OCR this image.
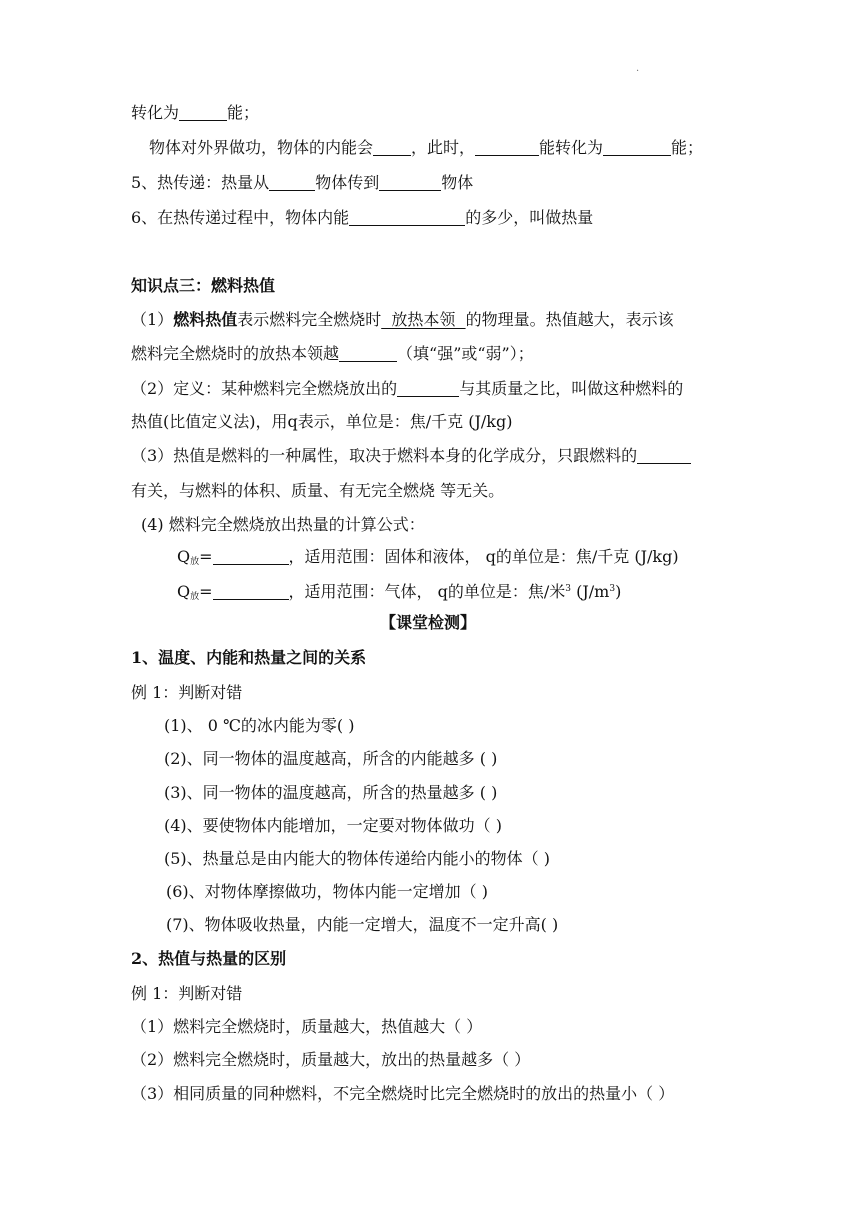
·
转化为	能；
物体对外界做功，物体的内能会 ，此时，	能转化为	能；
5、热传递：热量从	物体传到	物体
6、在热传递过程中，物体内能	的多少，叫做热量
知识点三：燃料热值
（1）燃料热值表示燃料完全燃烧时  放热本领  的物理量。热值越大，表示该
燃料完全燃烧时的放热本领越	（填“强”或“弱”）；
（2）定义：某种燃料完全燃烧放出的	与其质量之比，叫做这种燃料的
热值(比值定义法)，用q表示，单位是：焦/千克 (J/kg)
（3）热值是燃料的一种属性，取决于燃料本身的化学成分，只跟燃料的
有关，与燃料的体积、质量、有无完全燃烧 等无关。
(4) 燃料完全燃烧放出热量的计算公式：
$Q_放=$	，适用范围：固体和液体， q的单位是：焦/千克 (J/kg)
$Q_放=$	，适用范围：气体， q的单位是：焦/米$^3$ $(J/m^3)$
【课堂检测】
1、温度、内能和热量之间的关系
例 1：判断对错
(1)、 0 ℃的冰内能为零( )
(2)、同一物体的温度越高，所含的内能越多 ( )
(3)、同一物体的温度越高，所含的热量越多 ( )
(4)、要使物体内能增加，一定要对物体做功（ )
(5)、热量总是由内能大的物体传递给内能小的物体（ )
(6)、对物体摩擦做功，物体内能一定增加（ )
(7)、物体吸收热量，内能一定增大，温度不一定升高( )
2、热值与热量的区别
例 1：判断对错
（1）燃料完全燃烧时，质量越大，热值越大（ ）
（2）燃料完全燃烧时，质量越大，放出的热量越多（ ）
（3）相同质量的同种燃料，不完全燃烧时比完全燃烧时的放出的热量小（ ）
